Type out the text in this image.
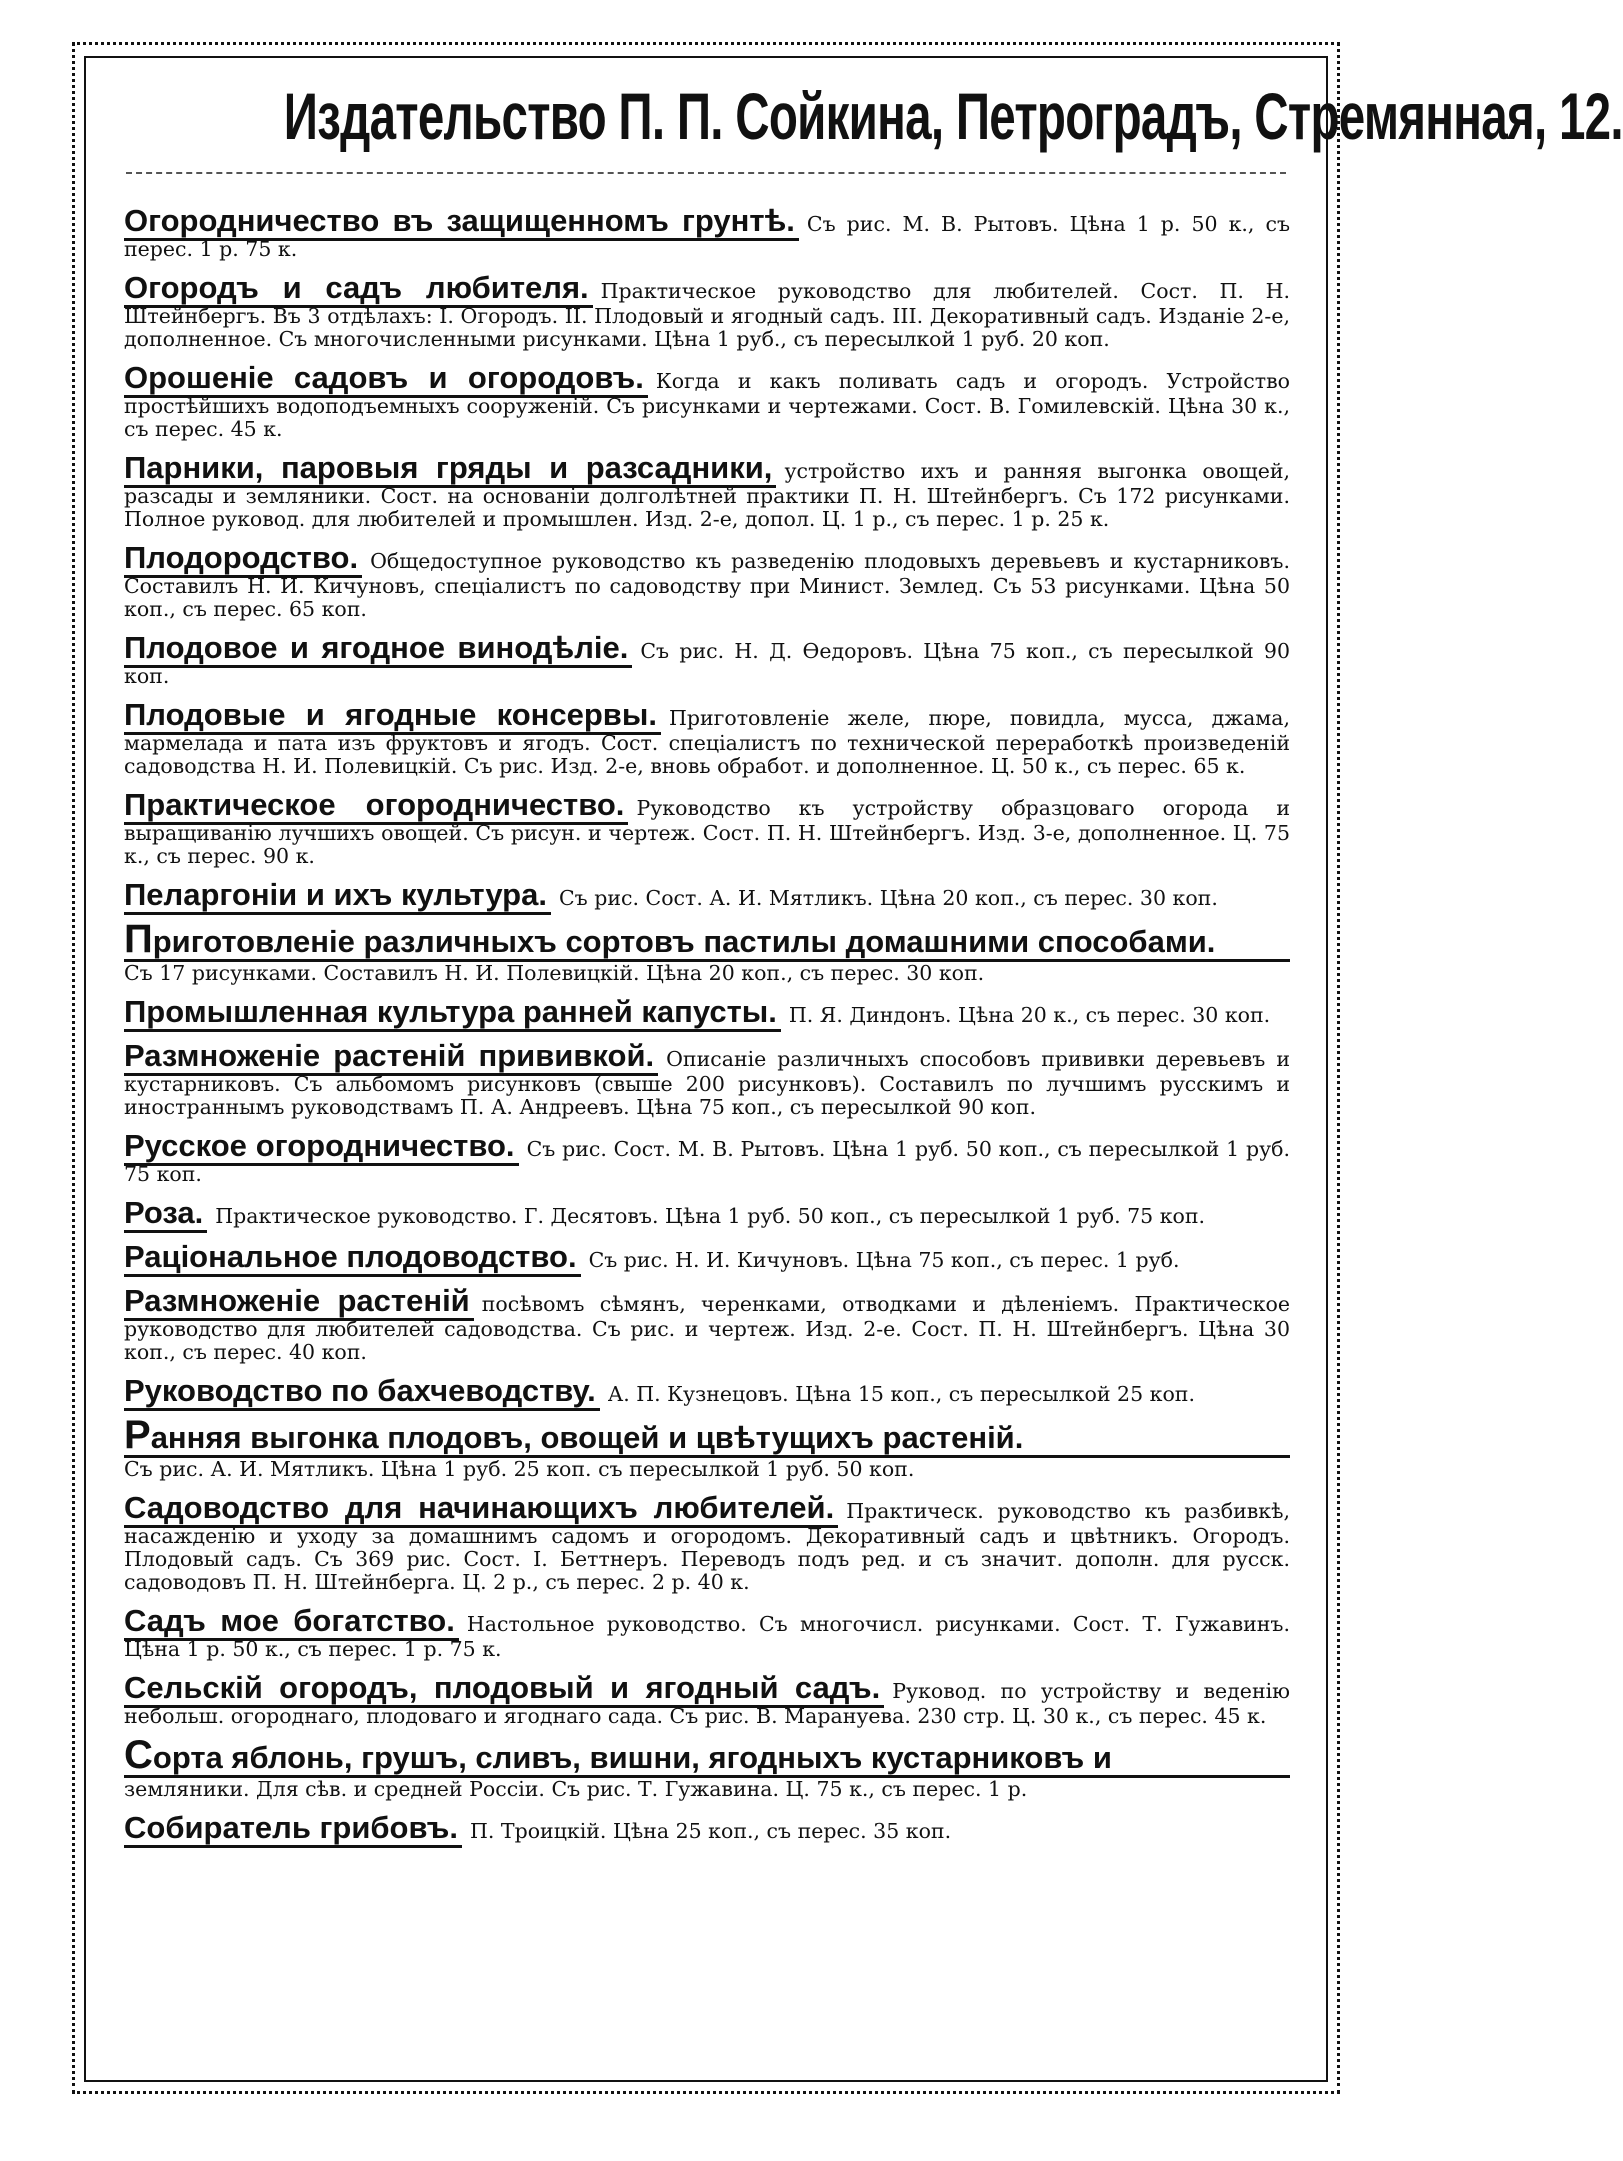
Издательство П. П. Сойкина, Петроградъ, Стремянная, 12.
Огородничество въ защищенномъ грунтѣ. Съ рис. М. В. Рытовъ. Цѣна 1 р. 50 к., съ перес. 1 р. 75 к.
Огородъ и садъ любителя. Практическое руководство для любителей. Сост. П. Н. Штейнбергъ. Въ 3 отдѣлахъ: I. Огородъ. II. Плодовый и ягодный садъ. III. Декоративный садъ. Изданіе 2-е, дополненное. Съ многочисленными рисунками. Цѣна 1 руб., съ пересылкой 1 руб. 20 коп.
Орошеніе садовъ и огородовъ. Когда и какъ поливать садъ и огородъ. Устройство простѣйшихъ водоподъемныхъ сооруженій. Съ рисунками и чертежами. Сост. В. Гомилевскій. Цѣна 30 к., съ перес. 45 к.
Парники, паровыя гряды и разсадники, устройство ихъ и ранняя выгонка овощей, разсады и земляники. Сост. на основаніи долголѣтней практики П. Н. Штейнбергъ. Съ 172 рисунками. Полное руковод. для любителей и промышлен. Изд. 2-е, допол. Ц. 1 р., съ перес. 1 р. 25 к.
Плодородство. Общедоступное руководство къ разведенію плодовыхъ деревьевъ и кустарниковъ. Составилъ Н. И. Кичуновъ, спеціалистъ по садоводству при Минист. Землед. Съ 53 рисунками. Цѣна 50 коп., съ перес. 65 коп.
Плодовое и ягодное винодѣліе. Съ рис. Н. Д. Өедоровъ. Цѣна 75 коп., съ пересылкой 90 коп.
Плодовые и ягодные консервы. Приготовленіе желе, пюре, повидла, мусса, джама, мармелада и пата изъ фруктовъ и ягодъ. Сост. спеціалистъ по технической переработкѣ произведеній садоводства Н. И. Полевицкій. Съ рис. Изд. 2-е, вновь обработ. и дополненное. Ц. 50 к., съ перес. 65 к.
Практическое огородничество. Руководство къ устройству образцоваго огорода и выращиванію лучшихъ овощей. Съ рисун. и чертеж. Сост. П. Н. Штейнбергъ. Изд. 3-е, дополненное. Ц. 75 к., съ перес. 90 к.
Пеларгоніи и ихъ культура. Съ рис. Сост. А. И. Мятликъ. Цѣна 20 коп., съ перес. 30 коп.
Приготовленіе различныхъ сортовъ пастилы домашними способами.
Съ 17 рисунками. Составилъ Н. И. Полевицкій. Цѣна 20 коп., съ перес. 30 коп.
Промышленная культура ранней капусты. П. Я. Диндонъ. Цѣна 20 к., съ перес. 30 коп.
Размноженіе растеній прививкой. Описаніе различныхъ способовъ прививки деревьевъ и кустарниковъ. Съ альбомомъ рисунковъ (свыше 200 рисунковъ). Составилъ по лучшимъ русскимъ и иностраннымъ руководствамъ П. А. Андреевъ. Цѣна 75 коп., съ пересылкой 90 коп.
Русское огородничество. Съ рис. Сост. М. В. Рытовъ. Цѣна 1 руб. 50 коп., съ пересылкой 1 руб. 75 коп.
Роза. Практическое руководство. Г. Десятовъ. Цѣна 1 руб. 50 коп., съ пересылкой 1 руб. 75 коп.
Раціональное плодоводство. Съ рис. Н. И. Кичуновъ. Цѣна 75 коп., съ перес. 1 руб.
Размноженіе растеній посѣвомъ сѣмянъ, черенками, отводками и дѣленіемъ. Практическое руководство для любителей садоводства. Съ рис. и чертеж. Изд. 2-е. Сост. П. Н. Штейнбергъ. Цѣна 30 коп., съ перес. 40 коп.
Руководство по бахчеводству. А. П. Кузнецовъ. Цѣна 15 коп., съ пересылкой 25 коп.
Ранняя выгонка плодовъ, овощей и цвѣтущихъ растеній.
Съ рис. А. И. Мятликъ. Цѣна 1 руб. 25 коп. съ пересылкой 1 руб. 50 коп.
Садоводство для начинающихъ любителей. Практическ. руководство къ разбивкѣ, насажденію и уходу за домашнимъ садомъ и огородомъ. Декоративный садъ и цвѣтникъ. Огородъ. Плодовый садъ. Съ 369 рис. Сост. I. Беттнеръ. Переводъ подъ ред. и съ значит. дополн. для русск. садоводовъ П. Н. Штейнберга. Ц. 2 р., съ перес. 2 р. 40 к.
Садъ мое богатство. Настольное руководство. Съ многочисл. рисунками. Сост. Т. Гужавинъ. Цѣна 1 р. 50 к., съ перес. 1 р. 75 к.
Сельскій огородъ, плодовый и ягодный садъ. Руковод. по устройству и веденію небольш. огороднаго, плодоваго и ягоднаго сада. Съ рис. В. Марануева. 230 стр. Ц. 30 к., съ перес. 45 к.
Сорта яблонь, грушъ, сливъ, вишни, ягодныхъ кустарниковъ и
земляники. Для сѣв. и средней Россіи. Съ рис. Т. Гужавина. Ц. 75 к., съ перес. 1 р.
Собиратель грибовъ. П. Троицкій. Цѣна 25 коп., съ перес. 35 коп.
